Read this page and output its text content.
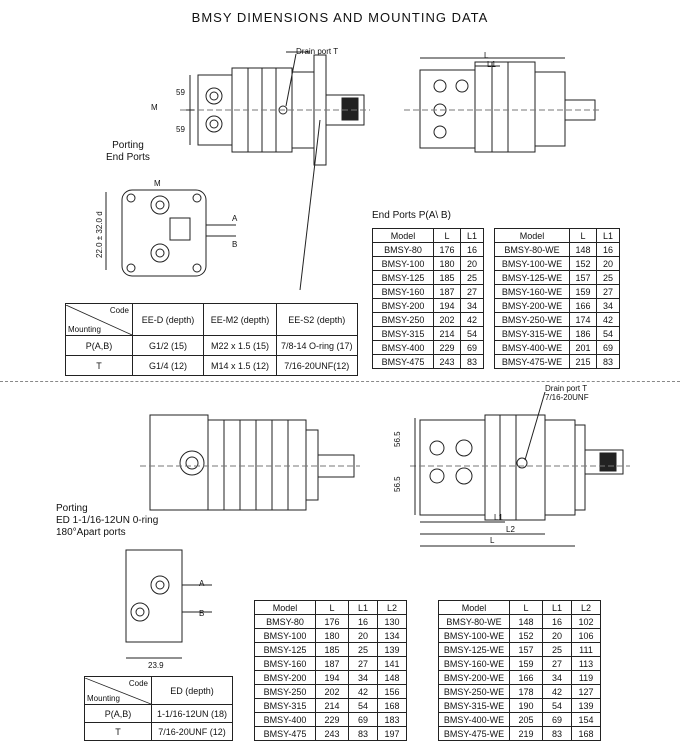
BMSY DIMENSIONS AND MOUNTING DATA
Drain port T
59
59
M
L
L1
Porting
End Ports
M
22.0 ± 32.0 d	A
B
End Ports P(A\ B)
Code
Mounting	EE-D (depth)	EE-M2 (depth)	EE-S2 (depth)
P(A,B)	G1/2 (15)	M22 x 1.5 (15)	7/8-14 O-ring (17)
T	G1/4 (12)	M14 x 1.5 (12)	7/16-20UNF(12)
Model	L	L1
BMSY-80	176	16
BMSY-100	180	20
BMSY-125	185	25
BMSY-160	187	27
BMSY-200	194	34
BMSY-250	202	42
BMSY-315	214	54
BMSY-400	229	69
BMSY-475	243	83
Model	L	L1
BMSY-80-WE	148	16
BMSY-100-WE	152	20
BMSY-125-WE	157	25
BMSY-160-WE	159	27
BMSY-200-WE	166	34
BMSY-250-WE	174	42
BMSY-315-WE	186	54
BMSY-400-WE	201	69
BMSY-475-WE	215	83
Drain port T
7/16-20UNF
56.5
56.5
L
L1
L2
Porting
ED 1-1/16-12UN 0-ring
180°Apart ports
23.9
A
B
Code
Mounting	ED (depth)
P(A,B)	1-1/16-12UN (18)
T	7/16-20UNF (12)
Model	L	L1	L2
BMSY-80	176	16	130
BMSY-100	180	20	134
BMSY-125	185	25	139
BMSY-160	187	27	141
BMSY-200	194	34	148
BMSY-250	202	42	156
BMSY-315	214	54	168
BMSY-400	229	69	183
BMSY-475	243	83	197
Model	L	L1	L2
BMSY-80-WE	148	16	102
BMSY-100-WE	152	20	106
BMSY-125-WE	157	25	111
BMSY-160-WE	159	27	113
BMSY-200-WE	166	34	119
BMSY-250-WE	178	42	127
BMSY-315-WE	190	54	139
BMSY-400-WE	205	69	154
BMSY-475-WE	219	83	168
